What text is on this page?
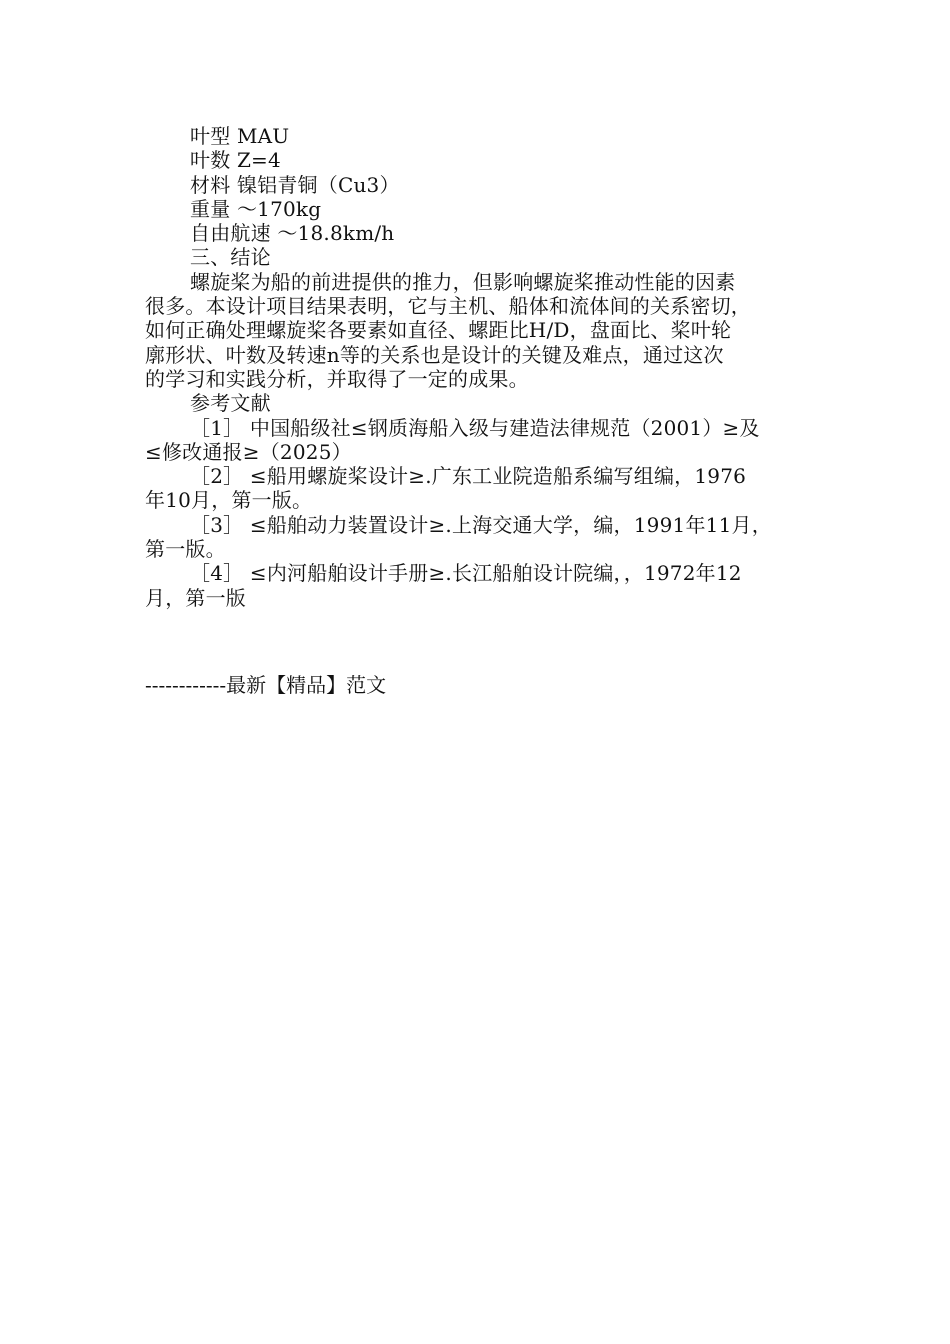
叶型 MAU
叶数 Z=4
材料 镍铝青铜（Cu3）
重量 ～170kg
自由航速 ～18.8km/h
三、结论
螺旋桨为船的前进提供的推力，但影响螺旋桨推动性能的因素
很多。本设计项目结果表明，它与主机、船体和流体间的关系密切，
如何正确处理螺旋桨各要素如直径、螺距比H/D，盘面比、桨叶轮
廓形状、叶数及转速n等的关系也是设计的关键及难点，通过这次
的学习和实践分析，并取得了一定的成果。
参考文献
［1］ 中国船级社≤钢质海船入级与建造法律规范（2001）≥及
≤修改通报≥（2025）
［2］ ≤船用螺旋桨设计≥.广东工业院造船系编写组编，1976
年10月，第一版。
［3］ ≤船舶动力装置设计≥.上海交通大学，编，1991年11月，
第一版。
［4］ ≤内河船舶设计手册≥.长江船舶设计院编，，1972年12
月，第一版
------------最新【精品】范文
